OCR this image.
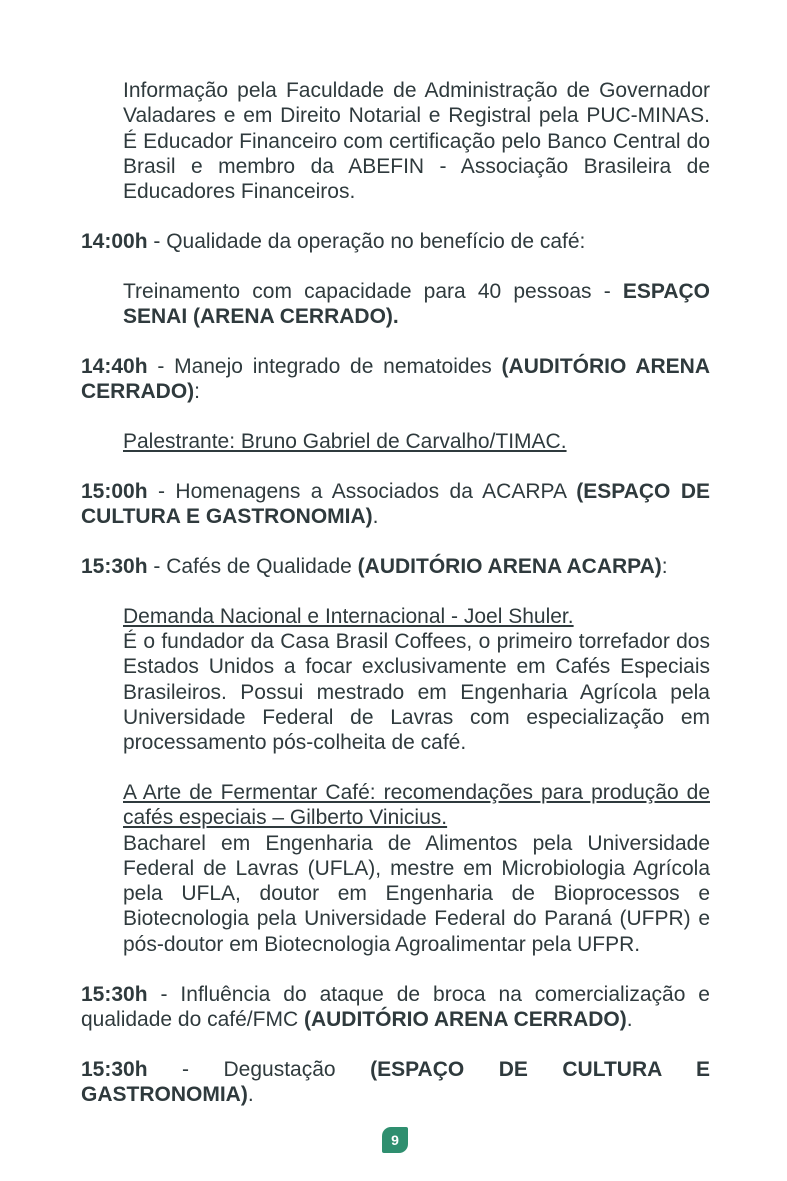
Informação pela Faculdade de Administração de Governador Valadares e em Direito Notarial e Registral pela PUC-MINAS. É Educador Financeiro com certificação pelo Banco Central do Brasil e membro da ABEFIN - Associação Brasileira de Educadores Financeiros.

14:00h - Qualidade da operação no benefício de café:

Treinamento com capacidade para 40 pessoas - ESPAÇO SENAI (ARENA CERRADO).

14:40h - Manejo integrado de nematoides (AUDITÓRIO ARENA CERRADO):

Palestrante: Bruno Gabriel de Carvalho/TIMAC.

15:00h - Homenagens a Associados da ACARPA (ESPAÇO DE CULTURA E GASTRONOMIA).

15:30h - Cafés de Qualidade (AUDITÓRIO ARENA ACARPA):

Demanda Nacional e Internacional - Joel Shuler.
É o fundador da Casa Brasil Coffees, o primeiro torrefador dos Estados Unidos a focar exclusivamente em Cafés Especiais Brasileiros. Possui mestrado em Engenharia Agrícola pela Universidade Federal de Lavras com especialização em processamento pós-colheita de café.

A Arte de Fermentar Café: recomendações para produção de cafés especiais – Gilberto Vinicius.
Bacharel em Engenharia de Alimentos pela Universidade Federal de Lavras (UFLA), mestre em Microbiologia Agrícola pela UFLA, doutor em Engenharia de Bioprocessos e Biotecnologia pela Universidade Federal do Paraná (UFPR) e pós-doutor em Biotecnologia Agroalimentar pela UFPR.

15:30h - Influência do ataque de broca na comercialização e qualidade do café/FMC (AUDITÓRIO ARENA CERRADO).

15:30h - Degustação (ESPAÇO DE CULTURA E GASTRONOMIA).

9
